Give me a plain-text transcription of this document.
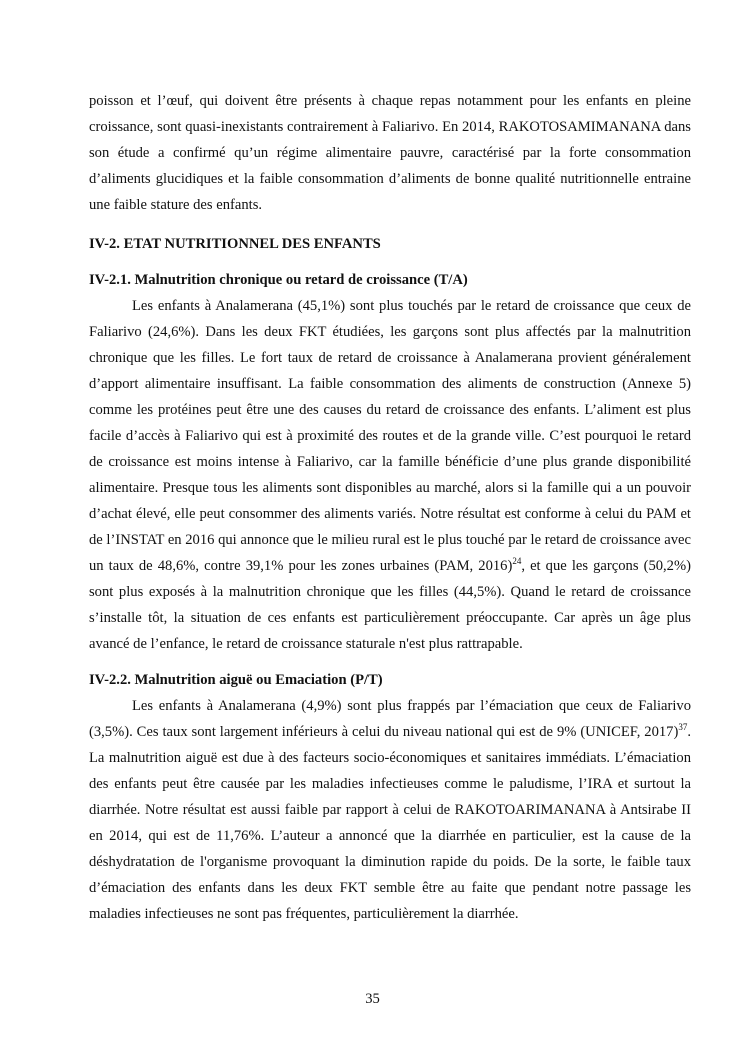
poisson et l’œuf, qui doivent être présents à chaque repas notamment pour les enfants en pleine croissance, sont quasi-inexistants contrairement à Faliarivo. En 2014, RAKOTOSAMIMANANA dans son étude a confirmé qu’un régime alimentaire pauvre, caractérisé par la forte consommation d’aliments glucidiques et la faible consommation d’aliments de bonne qualité nutritionnelle entraine une faible stature des enfants.

IV-2. ETAT NUTRITIONNEL DES ENFANTS

IV-2.1. Malnutrition chronique ou retard de croissance (T/A)

Les enfants à Analamerana (45,1%) sont plus touchés par le retard de croissance que ceux de Faliarivo (24,6%). Dans les deux FKT étudiées, les garçons sont plus affectés par la malnutrition chronique que les filles. Le fort taux de retard de croissance à Analamerana provient généralement d’apport alimentaire insuffisant. La faible consommation des aliments de construction (Annexe 5) comme les protéines peut être une des causes du retard de croissance des enfants. L’aliment est plus facile d’accès à Faliarivo qui est à proximité des routes et de la grande ville. C’est pourquoi le retard de croissance est moins intense à Faliarivo, car la famille bénéficie d’une plus grande disponibilité alimentaire. Presque tous les aliments sont disponibles au marché, alors si la famille qui a un pouvoir d’achat élevé, elle peut consommer des aliments variés. Notre résultat est conforme à celui du PAM et de l’INSTAT en 2016 qui annonce que le milieu rural est le plus touché par le retard de croissance avec un taux de 48,6%, contre 39,1% pour les zones urbaines (PAM, 2016)$^{24}$, et que les garçons (50,2%) sont plus exposés à la malnutrition chronique que les filles (44,5%). Quand le retard de croissance s’installe tôt, la situation de ces enfants est particulièrement préoccupante. Car après un âge plus avancé de l’enfance, le retard de croissance staturale n'est plus rattrapable.

IV-2.2. Malnutrition aiguë ou Emaciation (P/T)

Les enfants à Analamerana (4,9%) sont plus frappés par l’émaciation que ceux de Faliarivo (3,5%). Ces taux sont largement inférieurs à celui du niveau national qui est de 9% (UNICEF, 2017)$^{37}$. La malnutrition aiguë est due à des facteurs socio-économiques et sanitaires immédiats. L’émaciation des enfants peut être causée par les maladies infectieuses comme le paludisme, l’IRA et surtout la diarrhée. Notre résultat est aussi faible par rapport à celui de RAKOTOARIMANANA à Antsirabe II en 2014, qui est de 11,76%. L’auteur a annoncé que la diarrhée en particulier, est la cause de la déshydratation de l'organisme provoquant la diminution rapide du poids. De la sorte, le faible taux d’émaciation des enfants dans les deux FKT semble être au faite que pendant notre passage les maladies infectieuses ne sont pas fréquentes, particulièrement la diarrhée.

35
